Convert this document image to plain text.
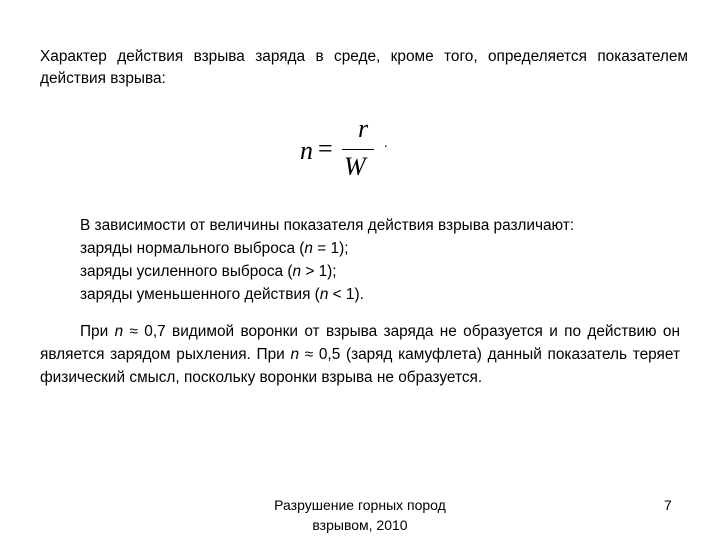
Характер действия взрыва заряда в среде, кроме того, определяется показателем действия взрыва:
n =
r
W
.
В зависимости от величины показателя действия взрыва различают:
заряды нормального выброса (n = 1);
заряды усиленного выброса (n > 1);
заряды уменьшенного действия (n < 1).
При n ≈ 0,7 видимой воронки от взрыва заряда не образуется и по действию он является зарядом рыхления. При n ≈ 0,5 (заряд камуфлета) данный показатель теряет физический смысл, поскольку воронки взрыва не образуется.
Разрушение горных пород
взрывом, 2010
7
